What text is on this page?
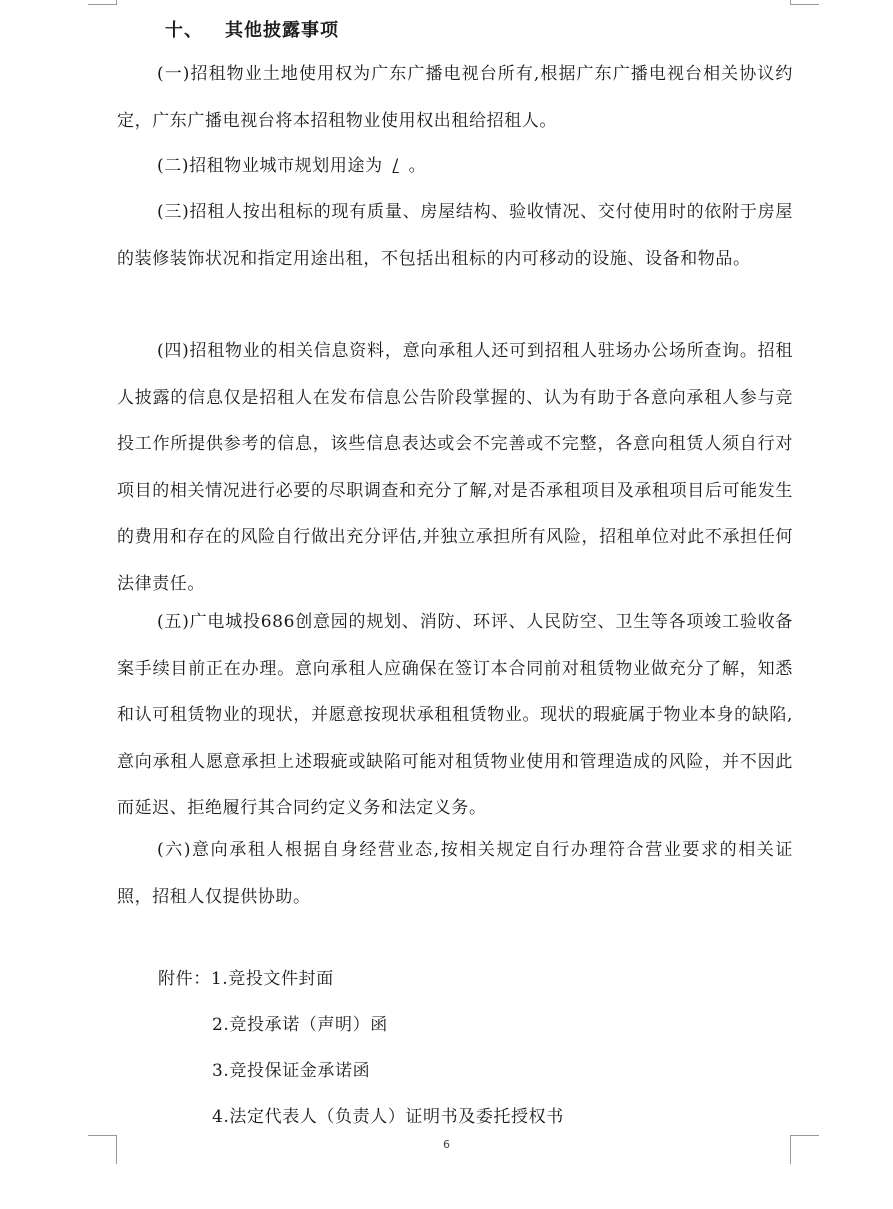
十、 其他披露事项
(一)招租物业土地使用权为广东广播电视台所有,根据广东广播电视台相关协议约定，广东广播电视台将本招租物业使用权出租给招租人。
(二)招租物业城市规划用途为 / 。
(三)招租人按出租标的现有质量、房屋结构、验收情况、交付使用时的依附于房屋的装修装饰状况和指定用途出租，不包括出租标的内可移动的设施、设备和物品。
(四)招租物业的相关信息资料，意向承租人还可到招租人驻场办公场所查询。招租人披露的信息仅是招租人在发布信息公告阶段掌握的、认为有助于各意向承租人参与竞投工作所提供参考的信息，该些信息表达或会不完善或不完整，各意向租赁人须自行对项目的相关情况进行必要的尽职调查和充分了解,对是否承租项目及承租项目后可能发生的费用和存在的风险自行做出充分评估,并独立承担所有风险，招租单位对此不承担任何法律责任。
(五)广电城投686创意园的规划、消防、环评、人民防空、卫生等各项竣工验收备案手续目前正在办理。意向承租人应确保在签订本合同前对租赁物业做充分了解，知悉和认可租赁物业的现状，并愿意按现状承租租赁物业。现状的瑕疵属于物业本身的缺陷,意向承租人愿意承担上述瑕疵或缺陷可能对租赁物业使用和管理造成的风险，并不因此而延迟、拒绝履行其合同约定义务和法定义务。
(六)意向承租人根据自身经营业态,按相关规定自行办理符合营业要求的相关证照，招租人仅提供协助。
附件：1.竞投文件封面
2.竞投承诺（声明）函
3.竞投保证金承诺函
4.法定代表人（负责人）证明书及委托授权书
6
